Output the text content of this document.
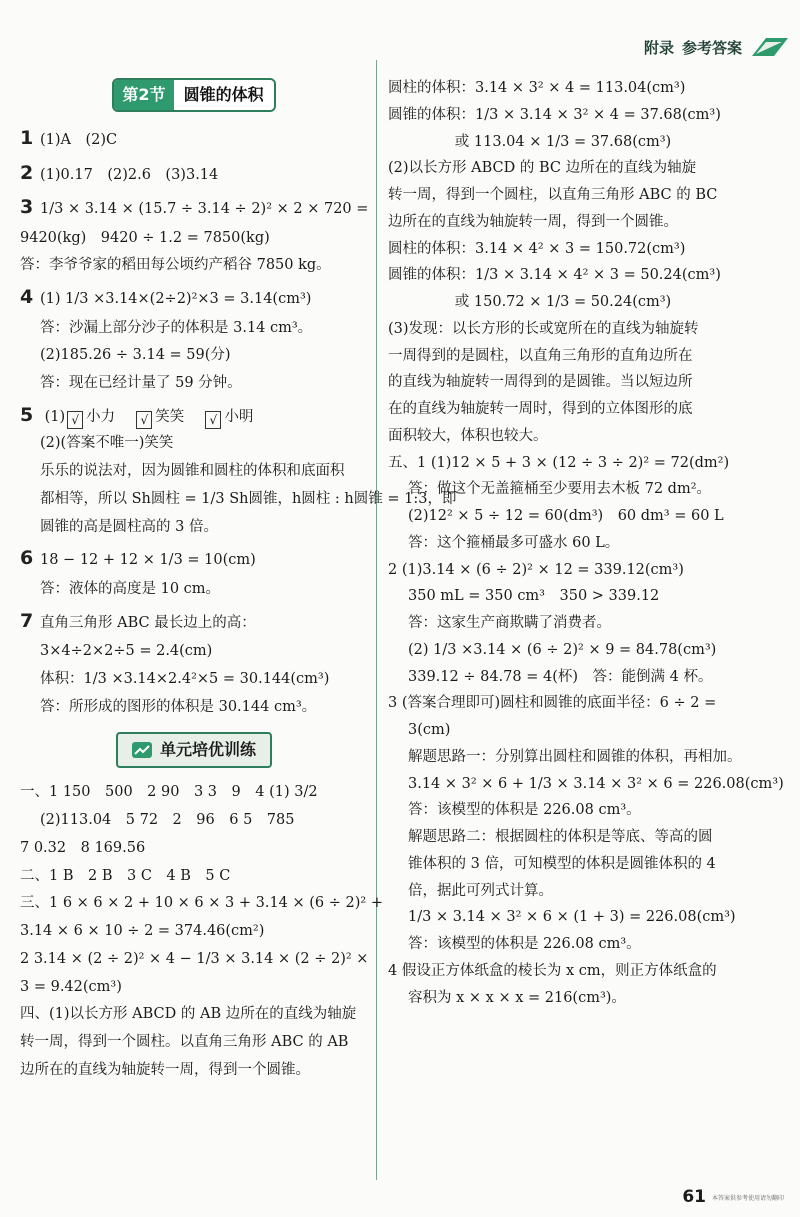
附录 参考答案
第2节	圆锥的体积
1 (1)A　(2)C
2 (1)0.17　(2)2.6　(3)3.14
3 1/3 × 3.14 × (15.7 ÷ 3.14 ÷ 2)² × 2 × 720 =
9420(kg)　9420 ÷ 1.2 = 7850(kg)
答：李爷爷家的稻田每公顷约产稻谷 7850 kg。
4 (1) 1/3 ×3.14×(2÷2)²×3 = 3.14(cm³)
答：沙漏上部分沙子的体积是 3.14 cm³。
(2)185.26 ÷ 3.14 = 59(分)
答：现在已经计量了 59 分钟。
5 (1) √ 小力 　 √ 笑笑 　 √ 小明
(2)(答案不唯一)笑笑
乐乐的说法对，因为圆锥和圆柱的体积和底面积
都相等，所以 Sh圆柱 = 1/3 Sh圆锥，h圆柱 : h圆锥 = 1:3，即
圆锥的高是圆柱高的 3 倍。
6 18 − 12 + 12 × 1/3 = 10(cm)
答：液体的高度是 10 cm。
7 直角三角形 ABC 最长边上的高：
3×4÷2×2÷5 = 2.4(cm)
体积：1/3 ×3.14×2.4²×5 = 30.144(cm³)
答：所形成的图形的体积是 30.144 cm³。
单元培优训练
一、1 150　500　2 90　3 3　9　4 (1) 3/2
(2)113.04　5 72　2　96　6 5　785
7 0.32　8 169.56
二、1 B　2 B　3 C　4 B　5 C
三、1 6 × 6 × 2 + 10 × 6 × 3 + 3.14 × (6 ÷ 2)² +
3.14 × 6 × 10 ÷ 2 = 374.46(cm²)
2 3.14 × (2 ÷ 2)² × 4 − 1/3 × 3.14 × (2 ÷ 2)² ×
3 = 9.42(cm³)
四、(1)以长方形 ABCD 的 AB 边所在的直线为轴旋
转一周，得到一个圆柱。以直角三角形 ABC 的 AB
边所在的直线为轴旋转一周，得到一个圆锥。
圆柱的体积：3.14 × 3² × 4 = 113.04(cm³)
圆锥的体积：1/3 × 3.14 × 3² × 4 = 37.68(cm³)
或 113.04 × 1/3 = 37.68(cm³)
(2)以长方形 ABCD 的 BC 边所在的直线为轴旋
转一周，得到一个圆柱，以直角三角形 ABC 的 BC
边所在的直线为轴旋转一周，得到一个圆锥。
圆柱的体积：3.14 × 4² × 3 = 150.72(cm³)
圆锥的体积：1/3 × 3.14 × 4² × 3 = 50.24(cm³)
或 150.72 × 1/3 = 50.24(cm³)
(3)发现：以长方形的长或宽所在的直线为轴旋转
一周得到的是圆柱，以直角三角形的直角边所在
的直线为轴旋转一周得到的是圆锥。当以短边所
在的直线为轴旋转一周时，得到的立体图形的底
面积较大，体积也较大。
五、1 (1)12 × 5 + 3 × (12 ÷ 3 ÷ 2)² = 72(dm²)
答：做这个无盖箍桶至少要用去木板 72 dm²。
(2)12² × 5 ÷ 12 = 60(dm³)　60 dm³ = 60 L
答：这个箍桶最多可盛水 60 L。
2 (1)3.14 × (6 ÷ 2)² × 12 = 339.12(cm³)
350 mL = 350 cm³　350 > 339.12
答：这家生产商欺瞒了消费者。
(2) 1/3 ×3.14 × (6 ÷ 2)² × 9 = 84.78(cm³)
339.12 ÷ 84.78 = 4(杯)　答：能倒满 4 杯。
3 (答案合理即可)圆柱和圆锥的底面半径：6 ÷ 2 =
3(cm)
解题思路一：分别算出圆柱和圆锥的体积，再相加。
3.14 × 3² × 6 + 1/3 × 3.14 × 3² × 6 = 226.08(cm³)
答：该模型的体积是 226.08 cm³。
解题思路二：根据圆柱的体积是等底、等高的圆
锥体积的 3 倍，可知模型的体积是圆锥体积的 4
倍，据此可列式计算。
1/3 × 3.14 × 3² × 6 × (1 + 3) = 226.08(cm³)
答：该模型的体积是 226.08 cm³。
4 假设正方体纸盒的棱长为 x cm，则正方体纸盒的
容积为 x × x × x = 216(cm³)。
61 本答案供参考使用请勿翻印
